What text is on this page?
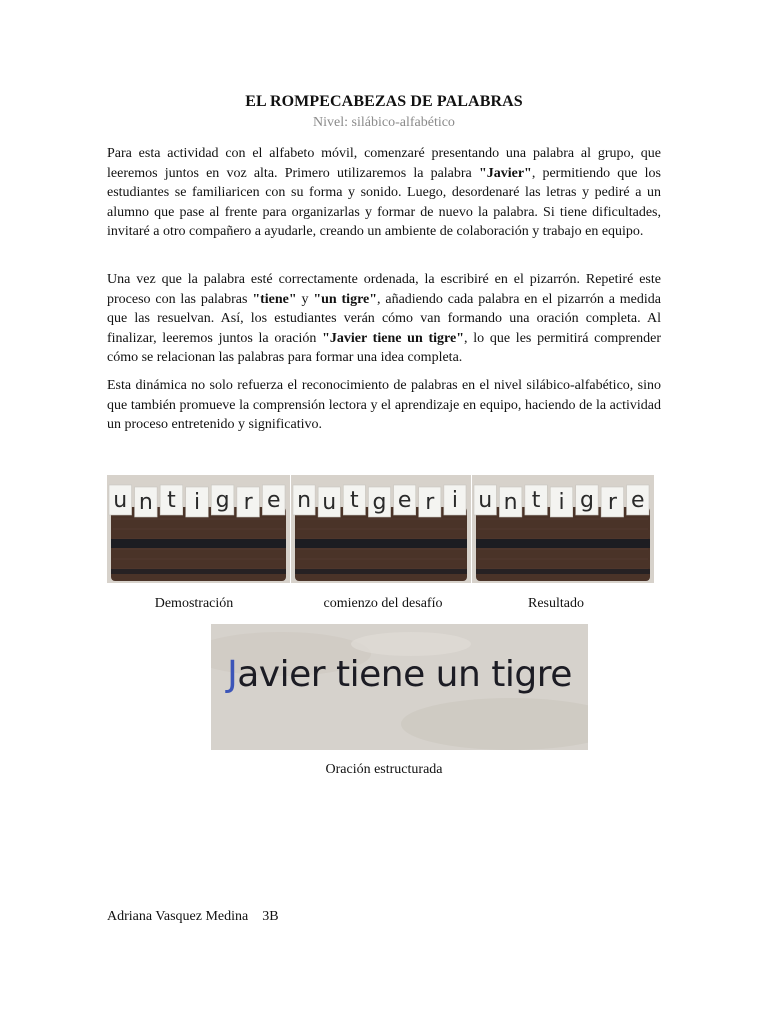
EL ROMPECABEZAS DE PALABRAS
Nivel: silábico-alfabético

Para esta actividad con el alfabeto móvil, comenzaré presentando una palabra al grupo, que leeremos juntos en voz alta. Primero utilizaremos la palabra "Javier", permitiendo que los estudiantes se familiaricen con su forma y sonido. Luego, desordenaré las letras y pediré a un alumno que pase al frente para organizarlas y formar de nuevo la palabra. Si tiene dificultades, invitaré a otro compañero a ayudarle, creando un ambiente de colaboración y trabajo en equipo.

Una vez que la palabra esté correctamente ordenada, la escribiré en el pizarrón. Repetiré este proceso con las palabras "tiene" y "un tigre", añadiendo cada palabra en el pizarrón a medida que las resuelvan. Así, los estudiantes verán cómo van formando una oración completa. Al finalizar, leeremos juntos la oración "Javier tiene un tigre", lo que les permitirá comprender cómo se relacionan las palabras para formar una idea completa.

Esta dinámica no solo refuerza el reconocimiento de palabras en el nivel silábico-alfabético, sino que también promueve la comprensión lectora y el aprendizaje en equipo, haciendo de la actividad un proceso entretenido y significativo.

u n t i g r e n u t g e r i u n t i g r e
Demostración	comienzo del desafío	Resultado
Javier tiene un tigre
Oración estructurada
Adriana Vasquez Medina 3B
